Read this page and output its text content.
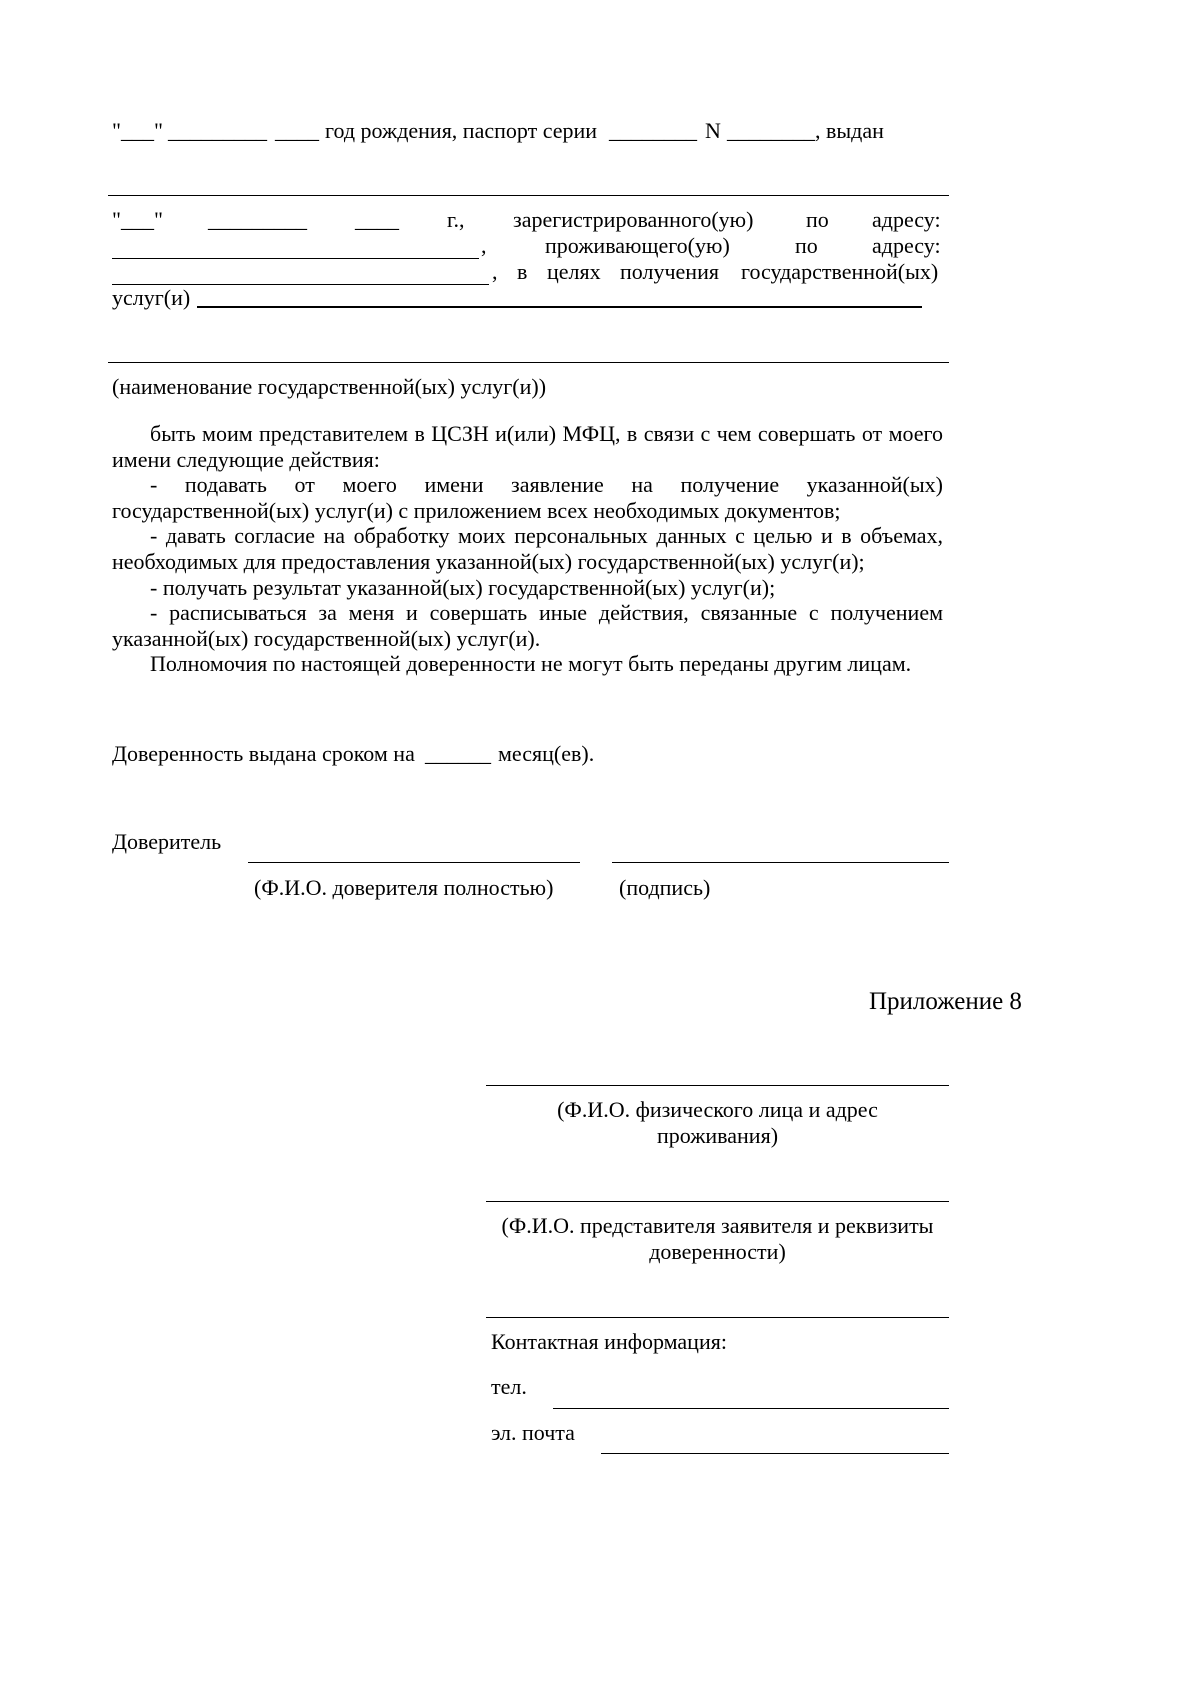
"___" _________ ____ год рождения, паспорт серии ________ N ________ , выдан
"___" _________ ____ г., зарегистрированного(ую) по адресу:
,	проживающего(ую)	по адресу:
, в целях получения государственной(ых)
услуг(и)
(наименование государственной(ых) услуг(и))
быть моим представителем в ЦСЗН и(или) МФЦ, в связи с чем совершать от моего
имени следующие действия:
- подавать от моего имени заявление на получение указанной(ых)
государственной(ых) услуг(и) с приложением всех необходимых документов;
- давать согласие на обработку моих персональных данных с целью и в объемах,
необходимых для предоставления указанной(ых) государственной(ых) услуг(и);
- получать результат указанной(ых) государственной(ых) услуг(и);
- расписываться за меня и совершать иные действия, связанные с получением
указанной(ых) государственной(ых) услуг(и).
Полномочия по настоящей доверенности не могут быть переданы другим лицам.
Доверенность выдана сроком на ______ месяц(ев).
Доверитель
(Ф.И.О. доверителя полностью)	(подпись)
Приложение 8
(Ф.И.О. физического лица и адрес
проживания)
(Ф.И.О. представителя заявителя и реквизиты
доверенности)
Контактная информация:
тел.
эл. почта
